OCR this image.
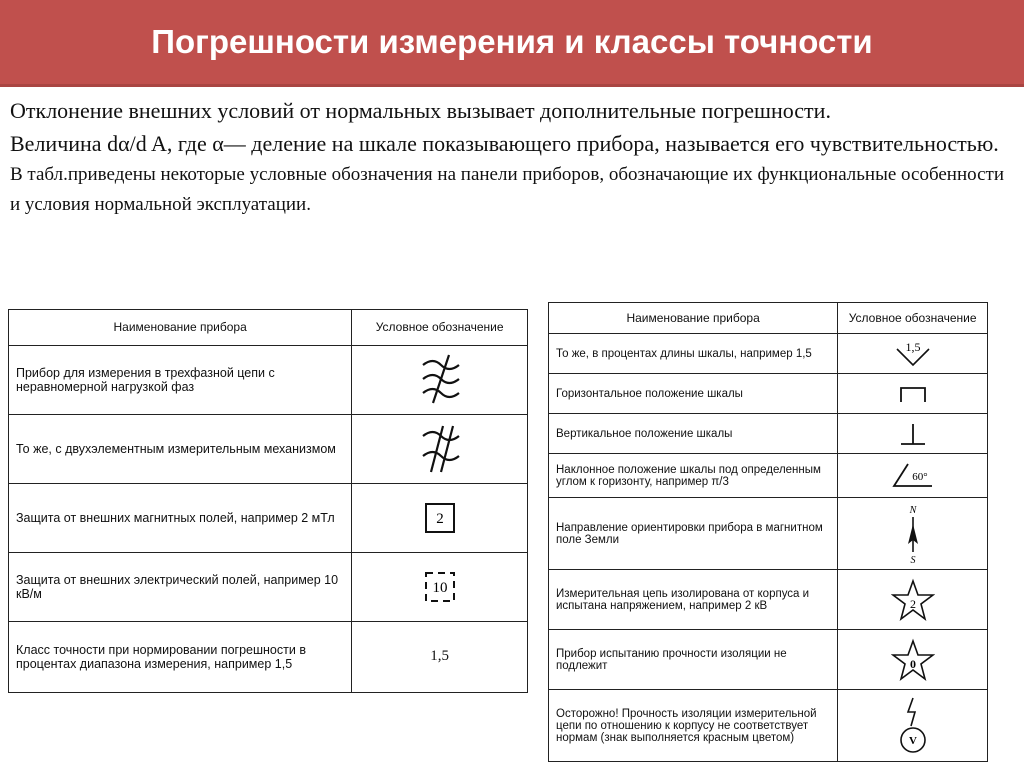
Погрешности измерения и классы точности

Отклонение внешних условий от нормальных вызывает дополнительные погрешности.

Величина dα/d A, где α— деление на шкале показывающего прибора, называется его чувствительностью.

В табл.приведены некоторые условные обозначения на панели приборов, обозначающие их функциональные особенности и условия нормальной эксплуатации.

Наименование прибора	Условное обозначение
Прибор для измерения в трехфазной цепи с неравномерной нагрузкой фаз	

То же, с двухэлементным измерительным механизмом	

Защита от внешних магнитных полей, например 2 мТл	2

Защита от внешних электрический полей, например 10 кВ/м	10

Класс точности при нормировании погрешности в процентах диапазона измерения, например 1,5	1,5
Наименование прибора	Условное обозначение
То же, в процентах длины шкалы, например 1,5	1,5

Горизонтальное положение шкалы	

Вертикальное положение шкалы	

Наклонное положение шкалы под определенным углом к горизонту, например π/3	60°

Направление ориентировки прибора в магнитном поле Земли	N
S

Измерительная цепь изолирована от корпуса и испытана напряжением, например 2 кВ	2

Прибор испытанию прочности изоляции не подлежит	0

Осторожно! Прочность изоляции измерительной цепи по отношению к корпусу не соответствует нормам (знак выполняется красным цветом)	V
